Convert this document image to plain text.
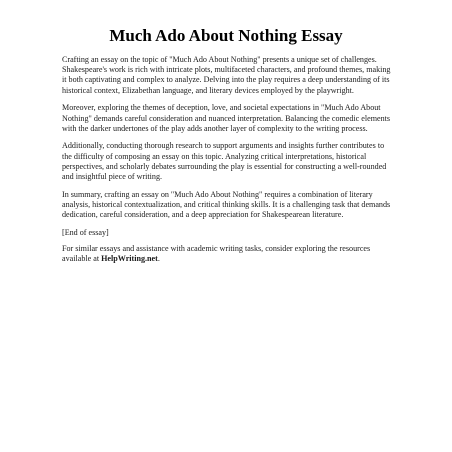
Much Ado About Nothing Essay

Crafting an essay on the topic of "Much Ado About Nothing" presents a unique set of challenges. Shakespeare's work is rich with intricate plots, multifaceted characters, and profound themes, making it both captivating and complex to analyze. Delving into the play requires a deep understanding of its historical context, Elizabethan language, and literary devices employed by the playwright.

Moreover, exploring the themes of deception, love, and societal expectations in "Much Ado About Nothing" demands careful consideration and nuanced interpretation. Balancing the comedic elements with the darker undertones of the play adds another layer of complexity to the writing process.

Additionally, conducting thorough research to support arguments and insights further contributes to the difficulty of composing an essay on this topic. Analyzing critical interpretations, historical perspectives, and scholarly debates surrounding the play is essential for constructing a well-rounded and insightful piece of writing.

In summary, crafting an essay on "Much Ado About Nothing" requires a combination of literary analysis, historical contextualization, and critical thinking skills. It is a challenging task that demands dedication, careful consideration, and a deep appreciation for Shakespearean literature.

[End of essay]

For similar essays and assistance with academic writing tasks, consider exploring the resources available at HelpWriting.net.
